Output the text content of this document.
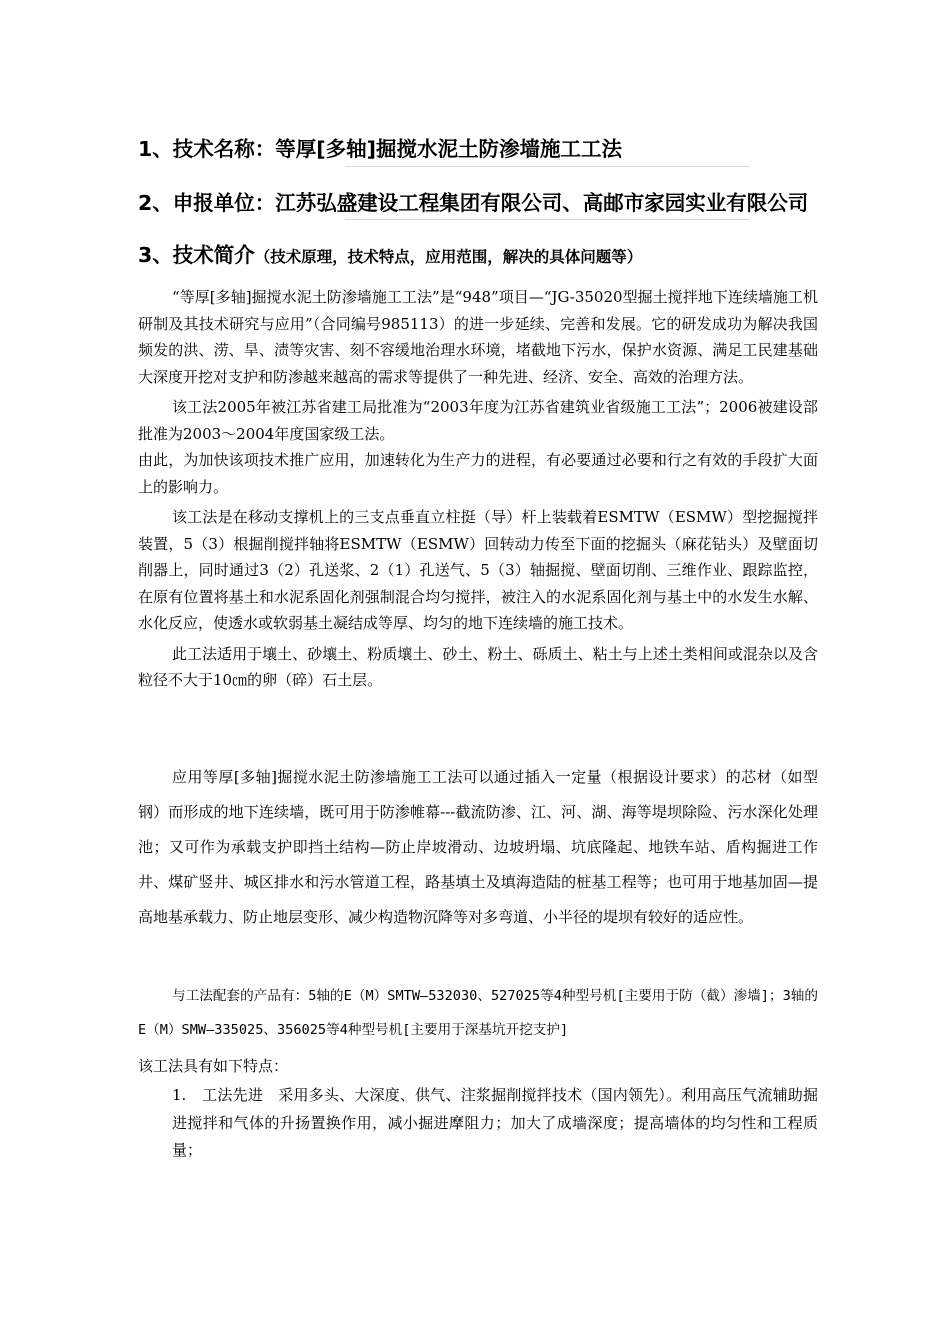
1、技术名称：等厚[多轴]掘搅水泥土防渗墙施工工法
2、申报单位：江苏弘盛建设工程集团有限公司、高邮市家园实业有限公司
3、技术简介（技术原理，技术特点，应用范围，解决的具体问题等）

“等厚[多轴]掘搅水泥土防渗墙施工工法”是“948”项目—“JG-35020型掘土搅拌地下连续墙施工机研制及其技术研究与应用”（合同编号985113）的进一步延续、完善和发展。它的研发成功为解决我国频发的洪、涝、旱、渍等灾害、刻不容缓地治理水环境，堵截地下污水，保护水资源、满足工民建基础大深度开挖对支护和防渗越来越高的需求等提供了一种先进、经济、安全、高效的治理方法。

该工法2005年被江苏省建工局批准为“2003年度为江苏省建筑业省级施工工法”；2006被建设部批准为2003～2004年度国家级工法。

由此，为加快该项技术推广应用，加速转化为生产力的进程，有必要通过必要和行之有效的手段扩大面上的影响力。

该工法是在移动支撑机上的三支点垂直立柱挺（导）杆上装载着ESMTW（ESMW）型挖掘搅拌装置，5（3）根掘削搅拌轴将ESMTW（ESMW）回转动力传至下面的挖掘头（麻花钻头）及壁面切削器上，同时通过3（2）孔送浆、2（1）孔送气、5（3）轴掘搅、壁面切削、三维作业、跟踪监控，在原有位置将基土和水泥系固化剂强制混合均匀搅拌，被注入的水泥系固化剂与基土中的水发生水解、水化反应，使透水或软弱基土凝结成等厚、均匀的地下连续墙的施工技术。

此工法适用于壤土、砂壤土、粉质壤土、砂土、粉土、砾质土、粘土与上述土类相间或混杂以及含粒径不大于10㎝的卵（碎）石土层。

应用等厚[多轴]掘搅水泥土防渗墙施工工法可以通过插入一定量（根据设计要求）的芯材（如型钢）而形成的地下连续墙，既可用于防渗帷幕---截流防渗、江、河、湖、海等堤坝除险、污水深化处理池；又可作为承载支护即挡土结构—防止岸坡滑动、边坡坍塌、坑底隆起、地铁车站、盾构掘进工作井、煤矿竖井、城区排水和污水管道工程，路基填土及填海造陆的桩基工程等；也可用于地基加固—提高地基承载力、防止地层变形、减少构造物沉降等对多弯道、小半径的堤坝有较好的适应性。

与工法配套的产品有：5轴的E（M）SMTW—532030、527025等4种型号机[主要用于防（截）渗墙]；3轴的E（M）SMW—335025、356025等4种型号机[主要用于深基坑开挖支护]

该工法具有如下特点：

1. 工法先进　采用多头、大深度、供气、注浆掘削搅拌技术（国内领先）。利用高压气流辅助掘进搅拌和气体的升扬置换作用，减小掘进摩阻力；加大了成墙深度；提高墙体的均匀性和工程质量；
